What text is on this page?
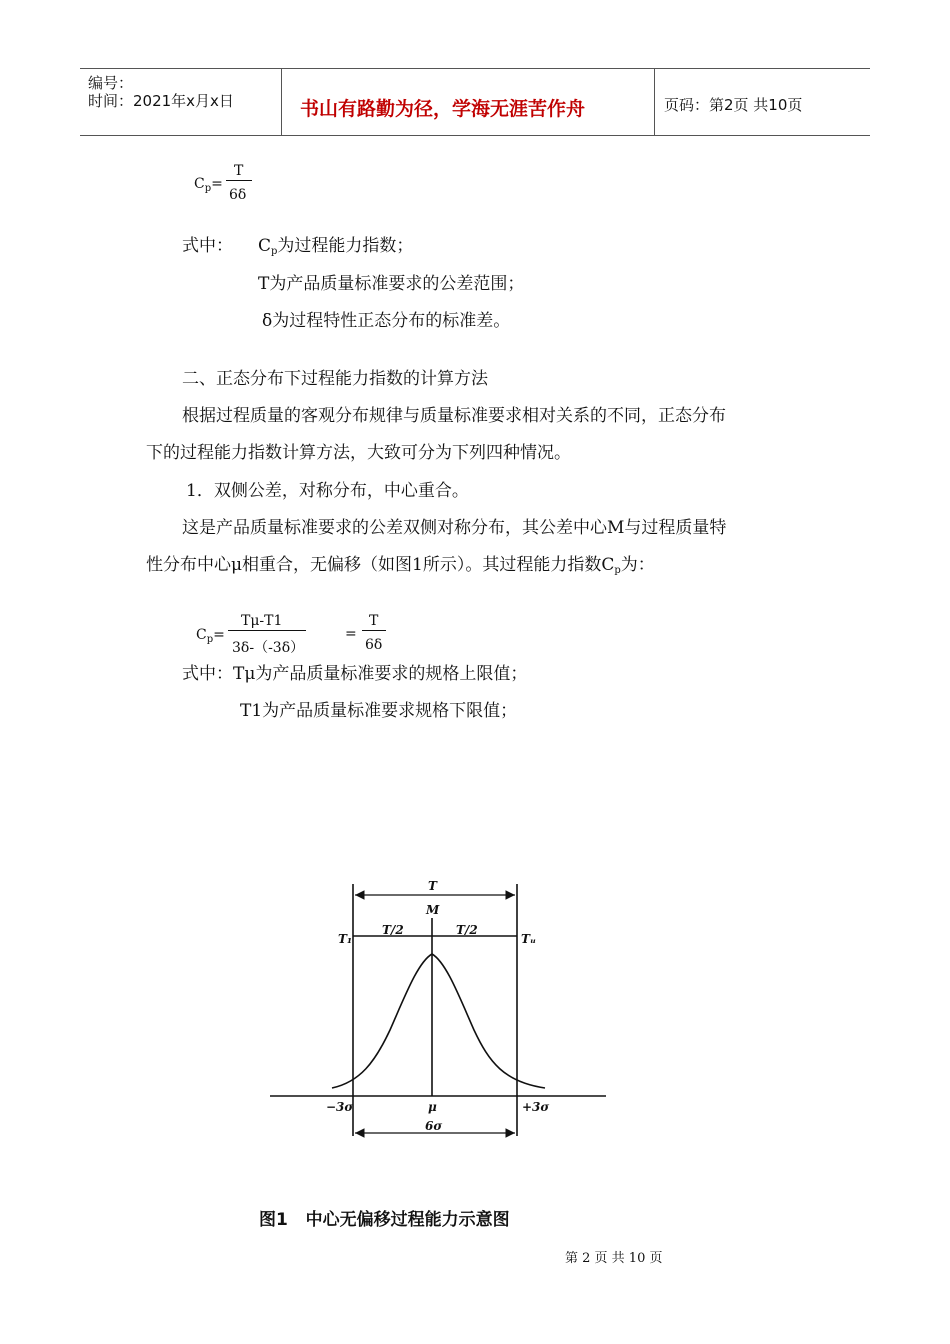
编号：
时间：2021年x月x日	书山有路勤为径，学海无涯苦作舟	页码：第2页 共10页
$C_p=$
T
6δ
式中： $C_p$为过程能力指数；
T为产品质量标准要求的公差范围；
δ为过程特性正态分布的标准差。
二、正态分布下过程能力指数的计算方法
根据过程质量的客观分布规律与质量标准要求相对关系的不同，正态分布
下的过程能力指数计算方法，大致可分为下列四种情况。
1．双侧公差，对称分布，中心重合。
这是产品质量标准要求的公差双侧对称分布，其公差中心M与过程质量特
性分布中心μ相重合，无偏移（如图1所示）。其过程能力指数$C_p$为：
$C_p=$
Tμ-T1
3δ-（-3δ）
=
T
6δ
式中：Tμ为产品质量标准要求的规格上限值；
T1为产品质量标准要求规格下限值；
T
M
T₁	Tᵤ
T/2	T/2
−3σ	μ	+3σ
6σ
图1   中心无偏移过程能力示意图
第 2 页 共 10 页
